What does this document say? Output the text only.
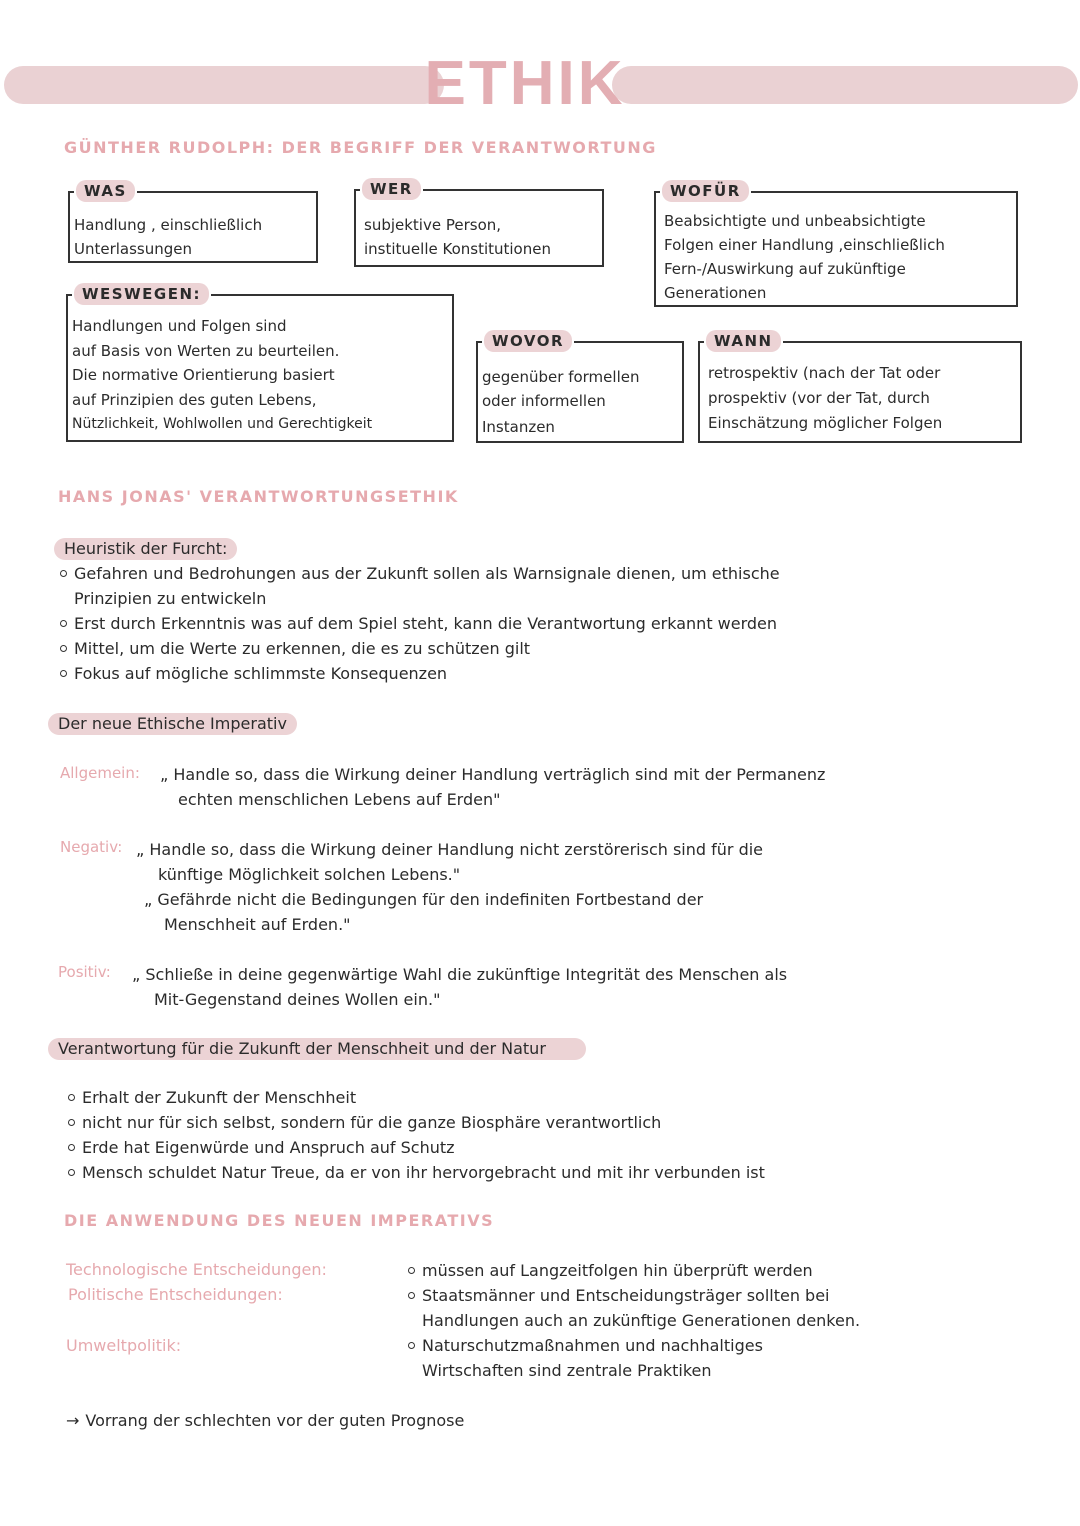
ETHIK
GÜNTHER RUDOLPH: DER BEGRIFF DER VERANTWORTUNG
WAS
Handlung , einschließlich
Unterlassungen
WER
subjektive Person,
instituelle Konstitutionen
WOFÜR
Beabsichtigte und unbeabsichtigte
Folgen einer Handlung ,einschließlich
Fern-/Auswirkung auf zukünftige
Generationen
WESWEGEN:
Handlungen und Folgen sind
auf Basis von Werten zu beurteilen.
Die normative Orientierung basiert
auf Prinzipien des guten Lebens,
Nützlichkeit, Wohlwollen und Gerechtigkeit
WOVOR
gegenüber formellen
oder informellen
Instanzen
WANN
retrospektiv (nach der Tat oder
prospektiv (vor der Tat, durch
Einschätzung möglicher Folgen
HANS JONAS' VERANTWORTUNGSETHIK
Heuristik der Furcht:
Gefahren und Bedrohungen aus der Zukunft sollen als Warnsignale dienen, um ethische
Prinzipien zu entwickeln
Erst durch Erkenntnis was auf dem Spiel steht, kann die Verantwortung erkannt werden
Mittel, um die Werte zu erkennen, die es zu schützen gilt
Fokus auf mögliche schlimmste Konsequenzen
Der neue Ethische Imperativ
Allgemein: „ Handle so, dass die Wirkung deiner Handlung verträglich sind mit der Permanenz
echten menschlichen Lebens auf Erden"
Negativ: „ Handle so, dass die Wirkung deiner Handlung nicht zerstörerisch sind für die
künftige Möglichkeit solchen Lebens."
„ Gefährde nicht die Bedingungen für den indefiniten Fortbestand der
Menschheit auf Erden."
Positiv: „ Schließe in deine gegenwärtige Wahl die zukünftige Integrität des Menschen als
Mit-Gegenstand deines Wollen ein."
Verantwortung für die Zukunft der Menschheit und der Natur
Erhalt der Zukunft der Menschheit
nicht nur für sich selbst, sondern für die ganze Biosphäre verantwortlich
Erde hat Eigenwürde und Anspruch auf Schutz
Mensch schuldet Natur Treue, da er von ihr hervorgebracht und mit ihr verbunden ist
DIE ANWENDUNG DES NEUEN IMPERATIVS
Technologische Entscheidungen:
Politische Entscheidungen:
Umweltpolitik:
müssen auf Langzeitfolgen hin überprüft werden
Staatsmänner und Entscheidungsträger sollten bei
Handlungen auch an zukünftige Generationen denken.
Naturschutzmaßnahmen und nachhaltiges
Wirtschaften sind zentrale Praktiken
→ Vorrang der schlechten vor der guten Prognose
